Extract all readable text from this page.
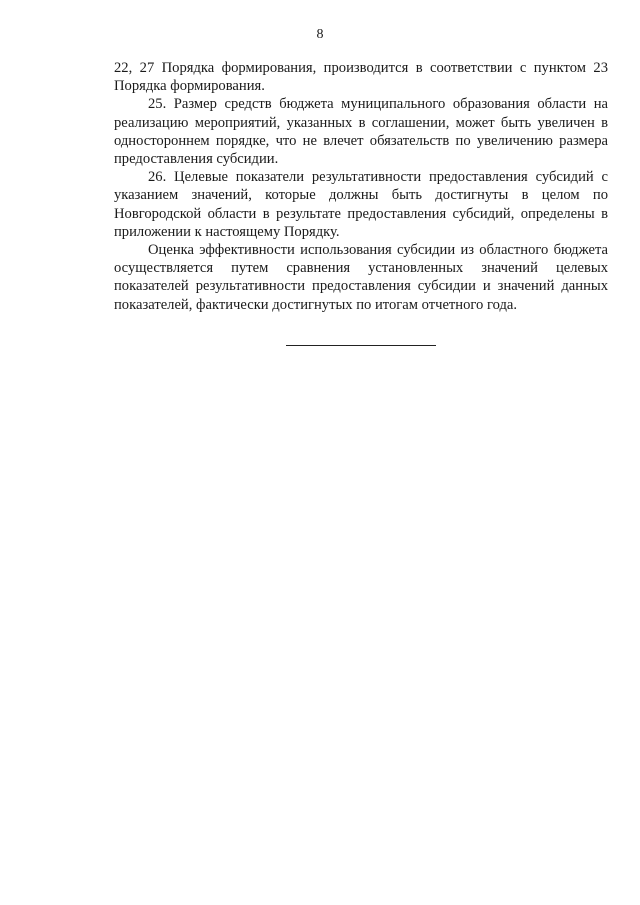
8

22, 27 Порядка формирования, производится в соответствии с пунктом 23 Порядка формирования.

25. Размер средств бюджета муниципального образования области на реализацию мероприятий, указанных в соглашении, может быть увеличен в одностороннем порядке, что не влечет обязательств по увеличению размера предоставления субсидии.

26. Целевые показатели результативности предоставления субсидий с указанием значений, которые должны быть достигнуты в целом по Новгородской области в результате предоставления субсидий, определены в приложении к настоящему Порядку.

Оценка эффективности использования субсидии из областного бюджета осуществляется путем сравнения установленных значений целевых показателей результативности предоставления субсидии и значений данных показателей, фактически достигнутых по итогам отчетного года.
